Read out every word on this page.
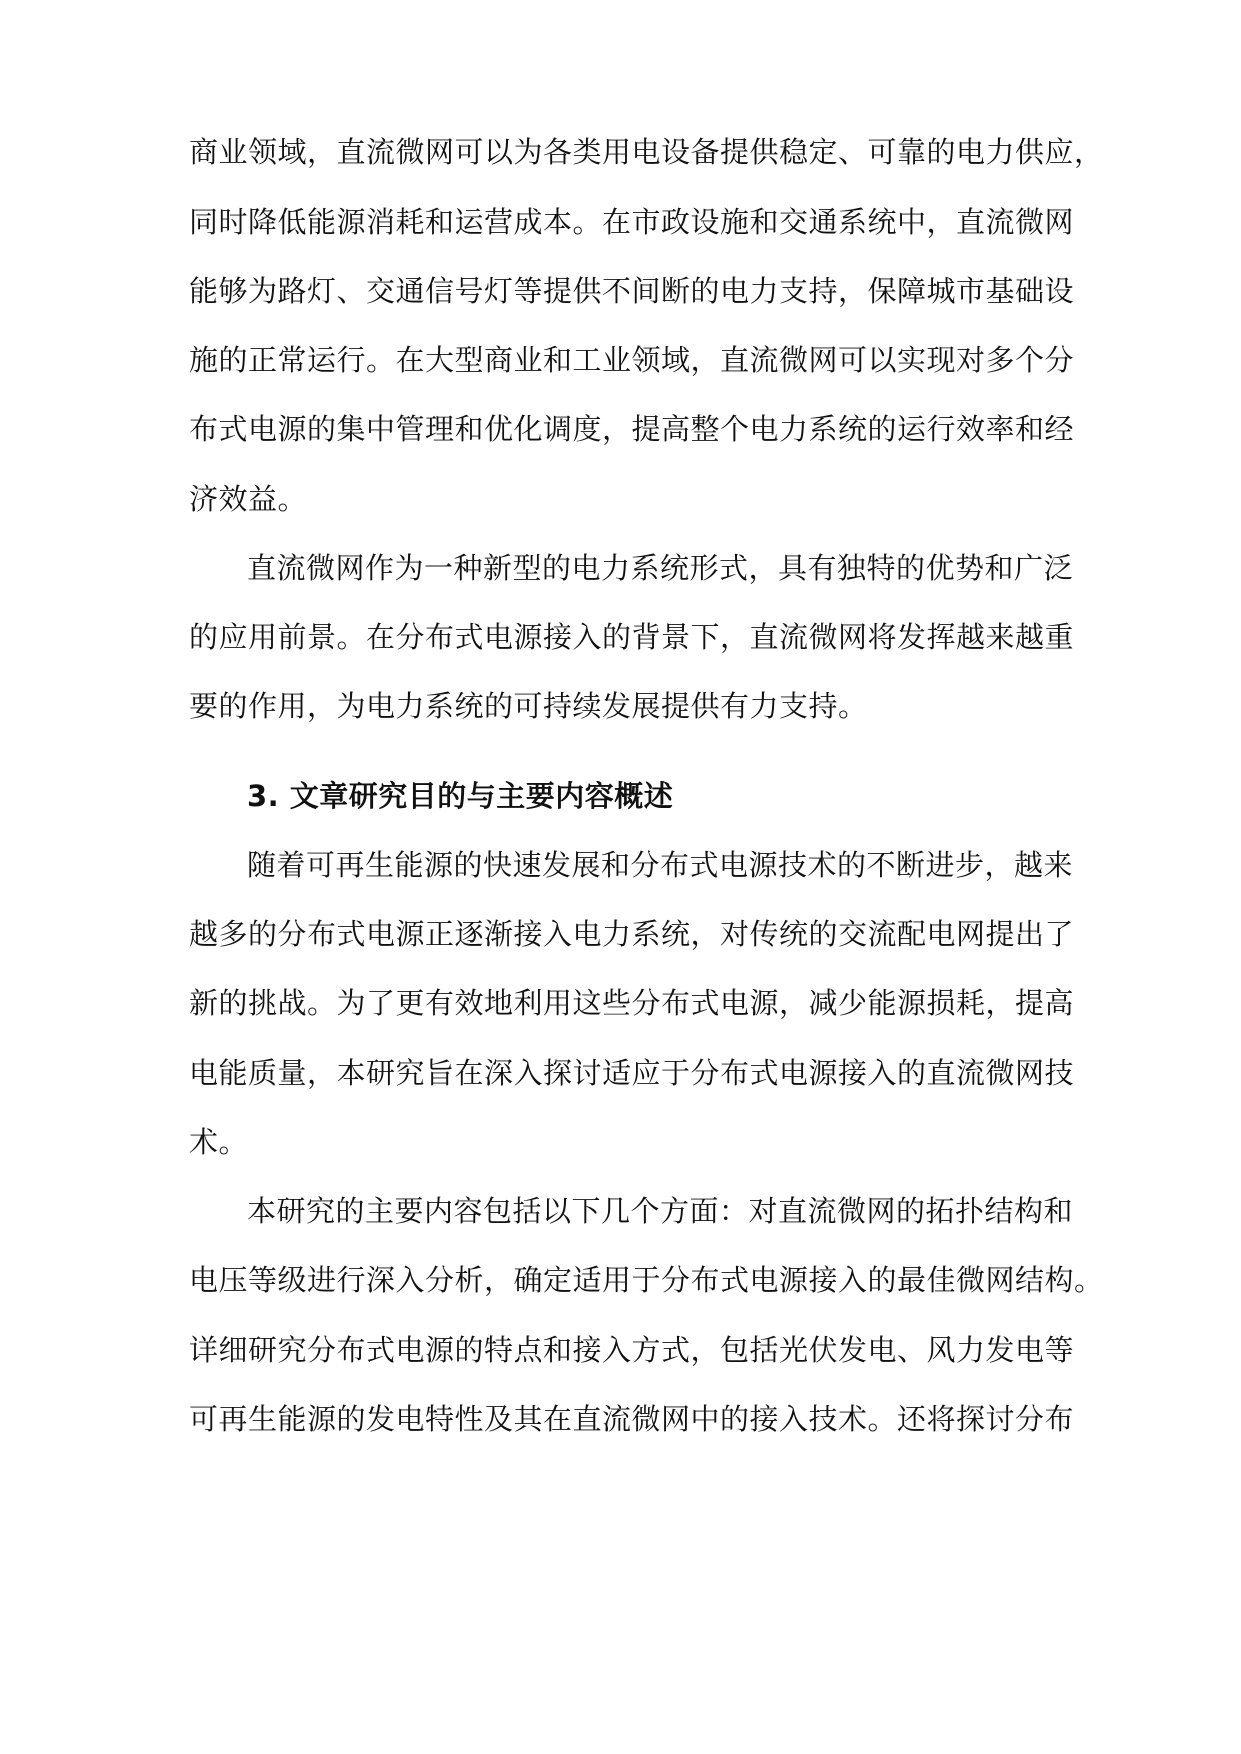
商业领域，直流微网可以为各类用电设备提供稳定、可靠的电力供应，
同时降低能源消耗和运营成本。在市政设施和交通系统中，直流微网
能够为路灯、交通信号灯等提供不间断的电力支持，保障城市基础设
施的正常运行。在大型商业和工业领域，直流微网可以实现对多个分
布式电源的集中管理和优化调度，提高整个电力系统的运行效率和经
济效益。
直流微网作为一种新型的电力系统形式，具有独特的优势和广泛
的应用前景。在分布式电源接入的背景下，直流微网将发挥越来越重
要的作用，为电力系统的可持续发展提供有力支持。
3. 文章研究目的与主要内容概述
随着可再生能源的快速发展和分布式电源技术的不断进步，越来
越多的分布式电源正逐渐接入电力系统，对传统的交流配电网提出了
新的挑战。为了更有效地利用这些分布式电源，减少能源损耗，提高
电能质量，本研究旨在深入探讨适应于分布式电源接入的直流微网技
术。
本研究的主要内容包括以下几个方面：对直流微网的拓扑结构和
电压等级进行深入分析，确定适用于分布式电源接入的最佳微网结构。
详细研究分布式电源的特点和接入方式，包括光伏发电、风力发电等
可再生能源的发电特性及其在直流微网中的接入技术。还将探讨分布
